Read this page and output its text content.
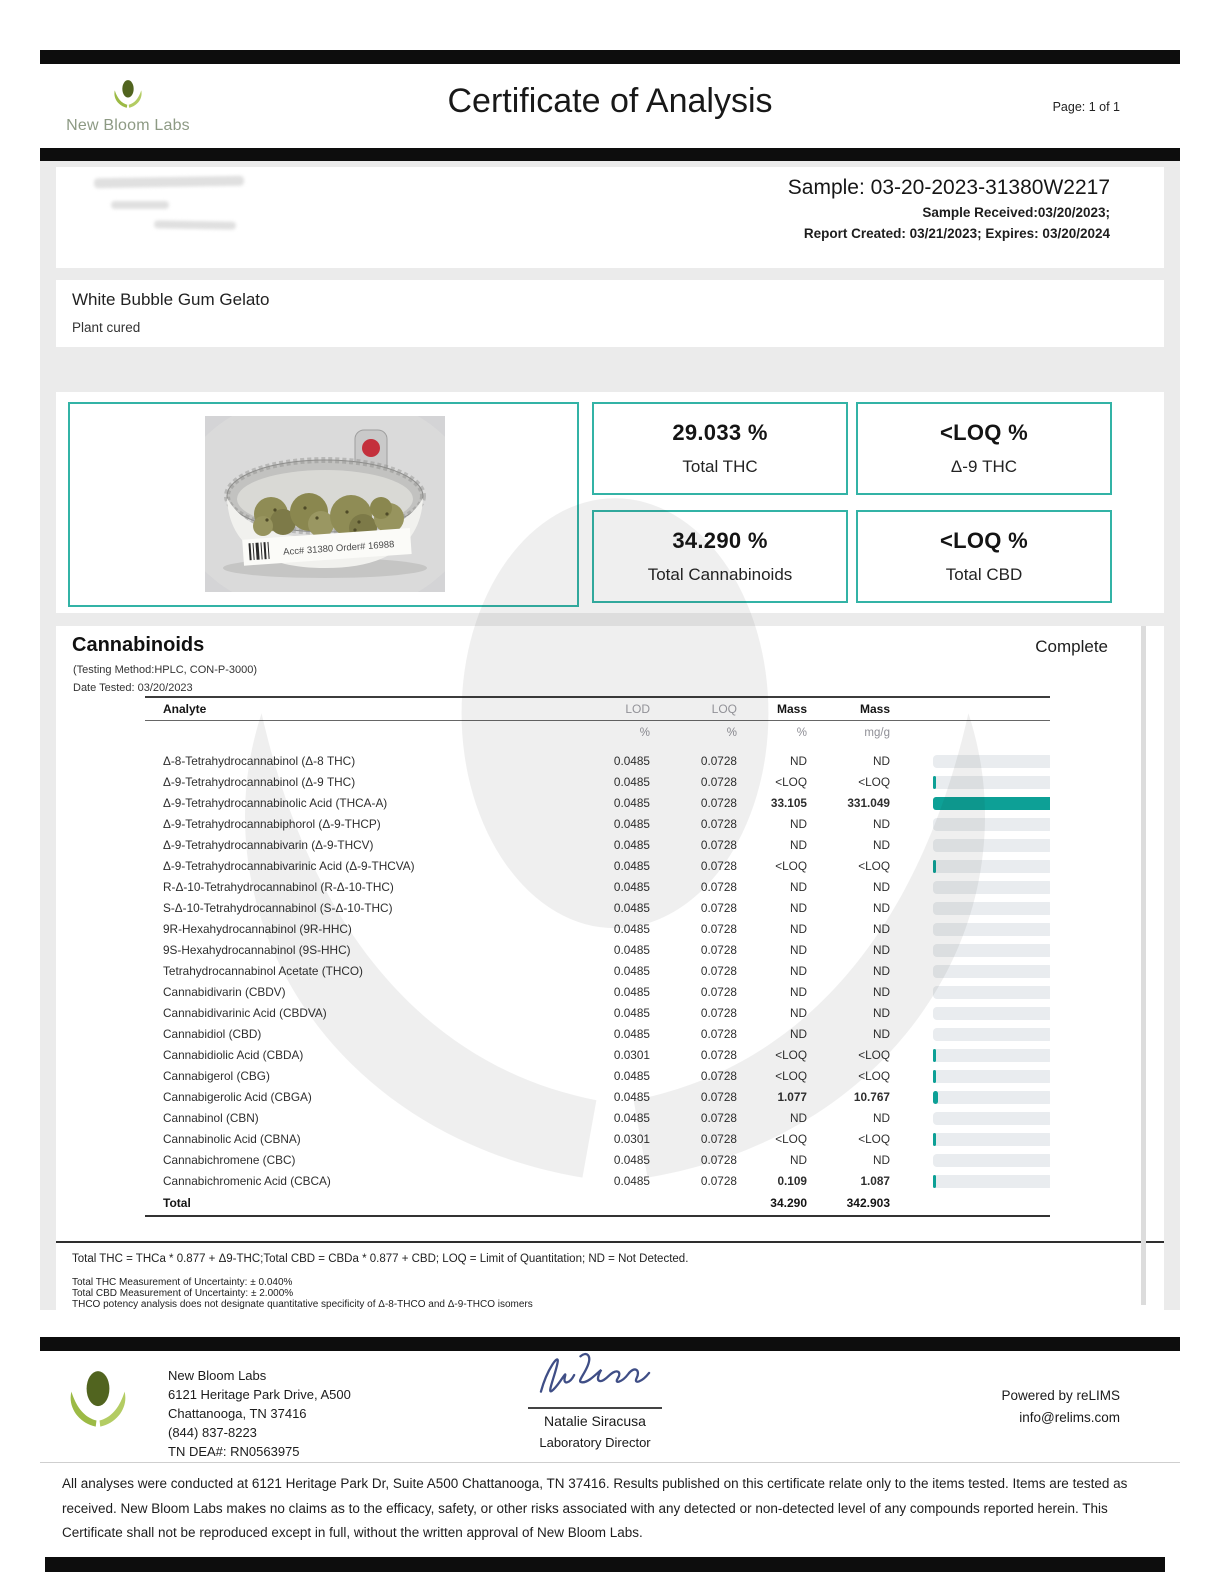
New Bloom Labs
Certificate of Analysis	Page: 1 of 1
Sample: 03-20-2023-31380W2217
Sample Received:03/20/2023;
Report Created: 03/21/2023; Expires: 03/20/2024
White Bubble Gum Gelato
Plant cured
Acc# 31380 Order# 16988
29.033 %
Total THC
<LOQ %
Δ-9 THC
34.290 %
Total Cannabinoids
<LOQ %
Total CBD
Cannabinoids	Complete
(Testing Method:HPLC, CON-P-3000)
Date Tested: 03/20/2023
Analyte	LOD	LOQ	Mass	Mass	
	%	%	%	mg/g	
Δ-8-Tetrahydrocannabinol (Δ-8 THC)	0.0485	0.0728	ND	ND	

Δ-9-Tetrahydrocannabinol (Δ-9 THC)	0.0485	0.0728	<LOQ	<LOQ	

Δ-9-Tetrahydrocannabinolic Acid (THCA-A)	0.0485	0.0728	33.105	331.049	

Δ-9-Tetrahydrocannabiphorol (Δ-9-THCP)	0.0485	0.0728	ND	ND	

Δ-9-Tetrahydrocannabivarin (Δ-9-THCV)	0.0485	0.0728	ND	ND	

Δ-9-Tetrahydrocannabivarinic Acid (Δ-9-THCVA)	0.0485	0.0728	<LOQ	<LOQ	

R-Δ-10-Tetrahydrocannabinol (R-Δ-10-THC)	0.0485	0.0728	ND	ND	

S-Δ-10-Tetrahydrocannabinol (S-Δ-10-THC)	0.0485	0.0728	ND	ND	

9R-Hexahydrocannabinol (9R-HHC)	0.0485	0.0728	ND	ND	

9S-Hexahydrocannabinol (9S-HHC)	0.0485	0.0728	ND	ND	

Tetrahydrocannabinol Acetate (THCO)	0.0485	0.0728	ND	ND	

Cannabidivarin (CBDV)	0.0485	0.0728	ND	ND	

Cannabidivarinic Acid (CBDVA)	0.0485	0.0728	ND	ND	

Cannabidiol (CBD)	0.0485	0.0728	ND	ND	

Cannabidiolic Acid (CBDA)	0.0301	0.0728	<LOQ	<LOQ	

Cannabigerol (CBG)	0.0485	0.0728	<LOQ	<LOQ	

Cannabigerolic Acid (CBGA)	0.0485	0.0728	1.077	10.767	

Cannabinol (CBN)	0.0485	0.0728	ND	ND	

Cannabinolic Acid (CBNA)	0.0301	0.0728	<LOQ	<LOQ	

Cannabichromene (CBC)	0.0485	0.0728	ND	ND	

Cannabichromenic Acid (CBCA)	0.0485	0.0728	0.109	1.087	

Total			34.290	342.903	
Total THC = THCa * 0.877 + Δ9-THC;Total CBD = CBDa * 0.877 + CBD; LOQ = Limit of Quantitation; ND = Not Detected.
Total THC Measurement of Uncertainty: ± 0.040%
Total CBD Measurement of Uncertainty: ± 2.000%
THCO potency analysis does not designate quantitative specificity of Δ-8-THCO and Δ-9-THCO isomers
New Bloom Labs
6121 Heritage Park Drive, A500
Chattanooga, TN 37416
(844) 837-8223
TN DEA#: RN0563975
Natalie Siracusa
Laboratory Director
Powered by reLIMS
info@relims.com
All analyses were conducted at 6121 Heritage Park Dr, Suite A500 Chattanooga, TN 37416. Results published on this certificate relate only to the items tested. Items are tested as received. New Bloom Labs makes no claims as to the efficacy, safety, or other risks associated with any detected or non-detected level of any compounds reported herein. This Certificate shall not be reproduced except in full, without the written approval of New Bloom Labs.
